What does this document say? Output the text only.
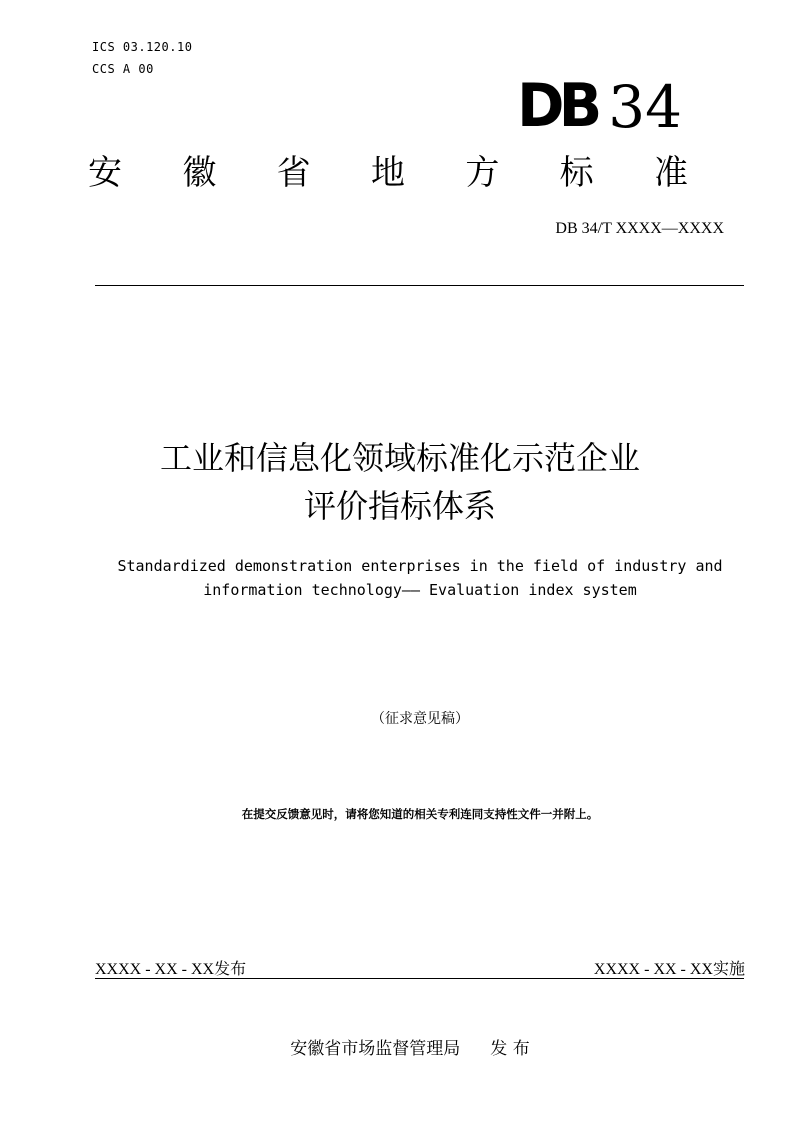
ICS 03.120.10
CCS A 00
DB 34
安 徽 省 地 方 标 准
DB 34/T XXXX—XXXX
工业和信息化领域标准化示范企业
评价指标体系
Standardized demonstration enterprises in the field of industry and
information technology—— Evaluation index system
（征求意见稿）
在提交反馈意见时，请将您知道的相关专利连同支持性文件一并附上。
XXXX - XX - XX发布	XXXX - XX - XX实施
安徽省市场监督管理局 发 布
